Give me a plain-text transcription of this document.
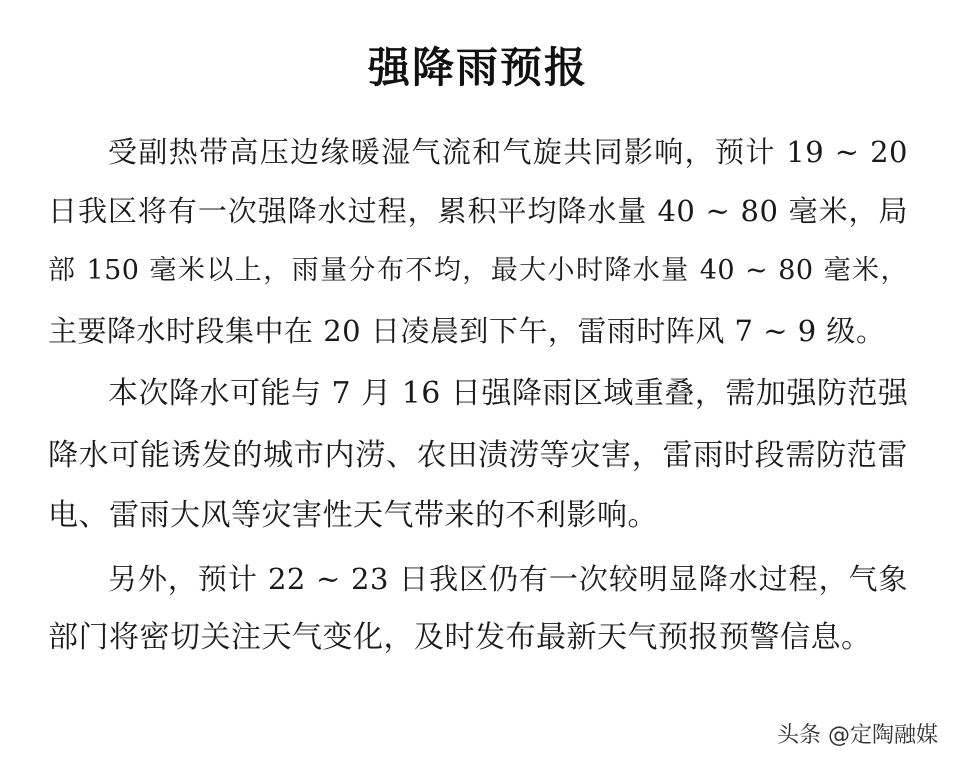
强降雨预报
受副热带高压边缘暖湿气流和气旋共同影响，预计 19 ~ 20
日我区将有一次强降水过程，累积平均降水量 40 ~ 80 毫米，局
部 150 毫米以上，雨量分布不均，最大小时降水量 40 ~ 80 毫米，
主要降水时段集中在 20 日凌晨到下午，雷雨时阵风 7 ~ 9 级。
本次降水可能与 7 月 16 日强降雨区域重叠，需加强防范强
降水可能诱发的城市内涝、农田渍涝等灾害，雷雨时段需防范雷
电、雷雨大风等灾害性天气带来的不利影响。
另外，预计 22 ~ 23 日我区仍有一次较明显降水过程，气象
部门将密切关注天气变化，及时发布最新天气预报预警信息。
头条 @定陶融媒
